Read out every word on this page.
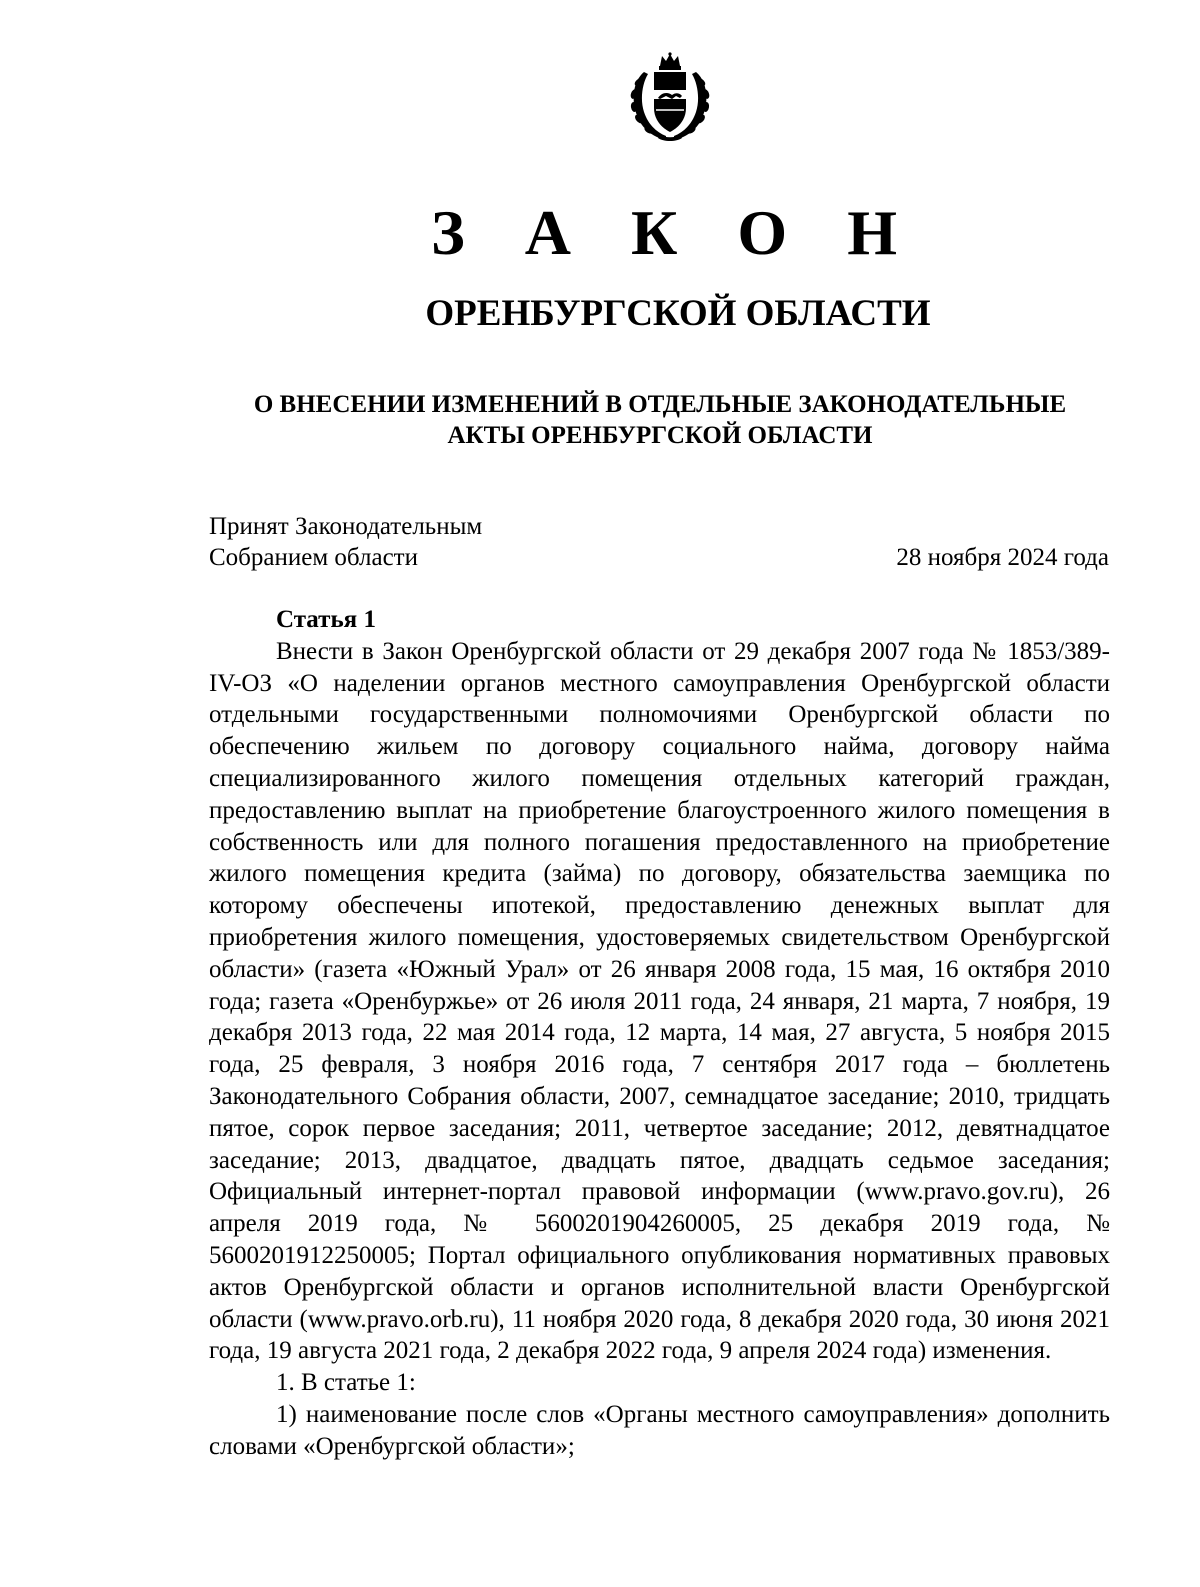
З А К О Н
ОРЕНБУРГСКОЙ ОБЛАСТИ
О ВНЕСЕНИИ ИЗМЕНЕНИЙ В ОТДЕЛЬНЫЕ ЗАКОНОДАТЕЛЬНЫЕ
АКТЫ ОРЕНБУРГСКОЙ ОБЛАСТИ
Принят Законодательным
Собранием области	28 ноября 2024 года

Статья 1

Внести в Закон Оренбургской области от 29 декабря 2007 года № 1853/389-IV-ОЗ «О наделении органов местного самоуправления Оренбургской области отдельными государственными полномочиями Оренбургской области по обеспечению жильем по договору социального найма, договору найма специализированного жилого помещения отдельных категорий граждан, предоставлению выплат на приобретение благоустроенного жилого помещения в собственность или для полного погашения предоставленного на приобретение жилого помещения кредита (займа) по договору, обязательства заемщика по которому обеспечены ипотекой, предоставлению денежных выплат для приобретения жилого помещения, удостоверяемых свидетельством Оренбургской области» (газета «Южный Урал» от 26 января 2008 года, 15 мая, 16 октября 2010 года; газета «Оренбуржье» от 26 июля 2011 года, 24 января, 21 марта, 7 ноября, 19 декабря 2013 года, 22 мая 2014 года, 12 марта, 14 мая, 27 августа, 5 ноября 2015 года, 25 февраля, 3 ноября 2016 года, 7 сентября 2017 года – бюллетень Законодательного Собрания области, 2007, семнадцатое заседание; 2010, тридцать пятое, сорок первое заседания; 2011, четвертое заседание; 2012, девятнадцатое заседание; 2013, двадцатое, двадцать пятое, двадцать седьмое заседания; Официальный интернет-портал правовой информации (www.pravo.gov.ru), 26 апреля 2019 года, № 5600201904260005, 25 декабря 2019 года, № 5600201912250005; Портал официального опубликования нормативных правовых актов Оренбургской области и органов исполнительной власти Оренбургской области (www.pravo.orb.ru), 11 ноября 2020 года, 8 декабря 2020 года, 30 июня 2021 года, 19 августа 2021 года, 2 декабря 2022 года, 9 апреля 2024 года) изменения.

1. В статье 1:

1) наименование после слов «Органы местного самоуправления» дополнить словами «Оренбургской области»;
